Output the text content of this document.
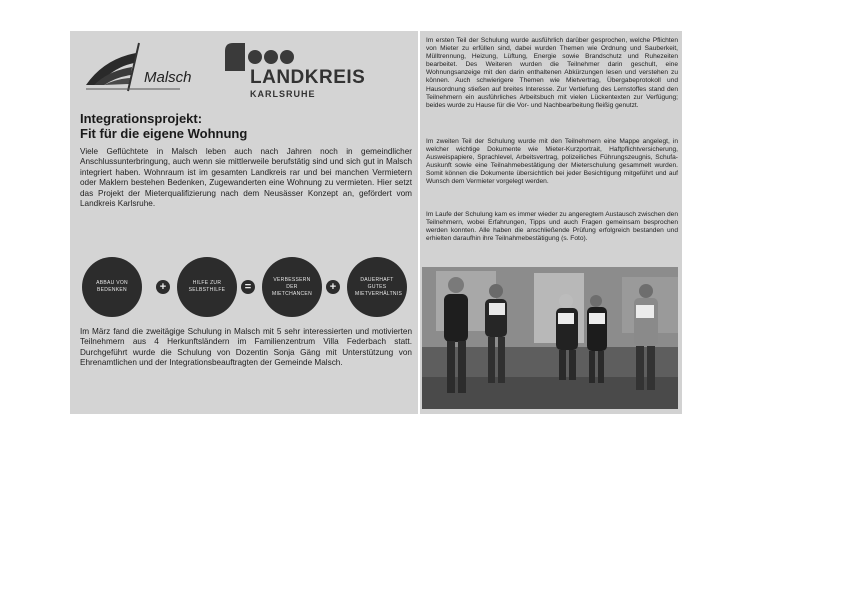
Malsch	LANDKREIS
KARLSRUHE
Integrationsprojekt:
Fit für die eigene Wohnung
Viele Geflüchtete in Malsch leben auch nach Jahren noch in gemeindlicher Anschlussunterbringung, auch wenn sie mittlerweile berufstätig sind und sich gut in Malsch integriert haben. Wohnraum ist im gesamten Landkreis rar und bei manchen Vermietern oder Maklern bestehen Bedenken, Zugewanderten eine Wohnung zu vermieten. Hier setzt das Projekt der Mieterqualifizierung nach dem Neusässer Konzept an, gefördert vom Landkreis Karlsruhe.
ABBAU VON BEDENKEN	+	HILFE ZUR SELBSTHILFE	=
VERBESSERN DER MIETCHANCEN
+
DAUERHAFT GUTES MIETVERHÄLTNIS
Im März fand die zweitägige Schulung in Malsch mit 5 sehr interessierten und motivierten Teilnehmern aus 4 Herkunftsländern im Familienzentrum Villa Federbach statt. Durchgeführt wurde die Schulung von Dozentin Sonja Gäng mit Unterstützung von Ehrenamtlichen und der Integrationsbeauftragten der Gemeinde Malsch.
Im ersten Teil der Schulung wurde ausführlich darüber gesprochen, welche Pflichten von Mieter zu erfüllen sind, dabei wurden Themen wie Ordnung und Sauberkeit, Mülltrennung, Heizung, Lüftung, Energie sowie Brandschutz und Ruhezeiten bearbeitet. Des Weiteren wurden die Teilnehmer darin geschult, eine Wohnungsanzeige mit den darin enthaltenen Abkürzungen lesen und verstehen zu können. Auch schwierigere Themen wie Mietvertrag, Übergabeprotokoll und Hausordnung stießen auf breites Interesse. Zur Vertiefung des Lernstoffes stand den Teilnehmern ein ausführliches Arbeitsbuch mit vielen Lückentexten zur Verfügung; beides wurde zu Hause für die Vor- und Nachbearbeitung fleißig genutzt.
Im zweiten Teil der Schulung wurde mit den Teilnehmern eine Mappe angelegt, in welcher wichtige Dokumente wie Mieter-Kurzportrait, Haftpflichtversicherung, Ausweispapiere, Sprachlevel, Arbeitsvertrag, polizeiliches Führungszeugnis, Schufa-Auskunft sowie eine Teilnahmebestätigung der Mieterschulung gesammelt wurden. Somit können die Dokumente übersichtlich bei jeder Besichtigung mitgeführt und auf Wunsch dem Vermieter vorgelegt werden.
Im Laufe der Schulung kam es immer wieder zu angeregtem Austausch zwischen den Teilnehmern, wobei Erfahrungen, Tipps und auch Fragen gemeinsam besprochen werden konnten. Alle haben die anschließende Prüfung erfolgreich bestanden und erhielten daraufhin ihre Teilnahmebestätigung (s. Foto).
